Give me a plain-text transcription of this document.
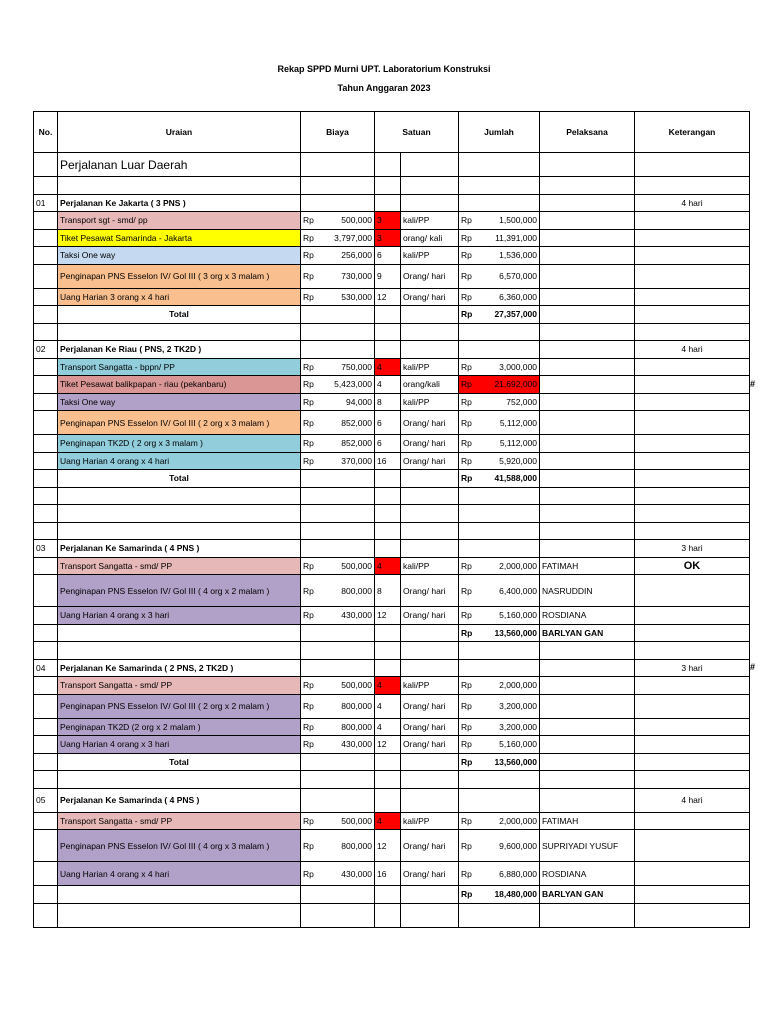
Rekap SPPD Murni UPT. Laboratorium Konstruksi
Tahun Anggaran 2023
No.	Uraian	Biaya	Satuan		Jumlah	Pelaksana	Keterangan
	Perjalanan Luar Daerah						

01	Perjalanan Ke Jakarta ( 3 PNS )						4 hari
	Transport sgt - smd/ pp	Rp 500,000	3	kali/PP	Rp 1,500,000		

	Tiket Pesawat Samarinda - Jakarta	Rp 3,797,000	3	orang/ kali	Rp 11,391,000		

	Taksi One way	Rp 256,000	6	kali/PP	Rp 1,536,000		

	Penginapan PNS Esselon IV/ Gol III ( 3 org x 3 malam )	Rp 730,000	9	Orang/ hari	Rp 6,570,000		

	Uang Harian 3 orang x 4 hari	Rp 530,000	12	Orang/ hari	Rp 6,360,000		

	Total				Rp 27,357,000		

02	Perjalanan Ke Riau ( PNS, 2 TK2D )						4 hari
	Transport Sangatta - bppn/ PP	Rp 750,000	4	kali/PP	Rp 3,000,000		

	Tiket Pesawat balikpapan - riau (pekanbaru)	Rp 5,423,000	4	orang/kali	Rp 21,692,000		

	Taksi One way	Rp 94,000	8	kali/PP	Rp 752,000		

	Penginapan PNS Esselon IV/ Gol III ( 2 org x 3 malam )	Rp 852,000	6	Orang/ hari	Rp 5,112,000		

	Penginapan TK2D ( 2 org x 3 malam )	Rp 852,000	6	Orang/ hari	Rp 5,112,000		

	Uang Harian 4 orang x 4 hari	Rp 370,000	16	Orang/ hari	Rp 5,920,000		

	Total				Rp 41,588,000		

03	Perjalanan Ke Samarinda ( 4 PNS )						3 hari
	Transport Sangatta - smd/ PP	Rp 500,000	4	kali/PP	Rp 2,000,000	FATIMAH	OK
	Penginapan PNS Esselon IV/ Gol III ( 4 org x 2 malam )	Rp 800,000	8	Orang/ hari	Rp 6,400,000	NASRUDDIN	
	Uang Harian 4 orang x 3 hari	Rp 430,000	12	Orang/ hari	Rp 5,160,000	ROSDIANA	

					Rp 13,560,000	BARLYAN GAN	

04	Perjalanan Ke Samarinda ( 2 PNS, 2 TK2D )						3 hari
	Transport Sangatta - smd/ PP	Rp 500,000	4	kali/PP	Rp 2,000,000		

	Penginapan PNS Esselon IV/ Gol III ( 2 org x 2 malam )	Rp 800,000	4	Orang/ hari	Rp 3,200,000		

	Penginapan TK2D (2 org x 2 malam )	Rp 800,000	4	Orang/ hari	Rp 3,200,000		

	Uang Harian 4 orang x 3 hari	Rp 430,000	12	Orang/ hari	Rp 5,160,000		

	Total				Rp 13,560,000		

05	Perjalanan Ke Samarinda ( 4 PNS )						4 hari
	Transport Sangatta - smd/ PP	Rp 500,000	4	kali/PP	Rp 2,000,000	FATIMAH	
	Penginapan PNS Esselon IV/ Gol III ( 4 org x 3 malam )	Rp 800,000	12	Orang/ hari	Rp 9,600,000	SUPRIYADI YUSUF	
	Uang Harian 4 orang x 4 hari	Rp 430,000	16	Orang/ hari	Rp 6,880,000	ROSDIANA	

					Rp 18,480,000	BARLYAN GAN	

#
#
